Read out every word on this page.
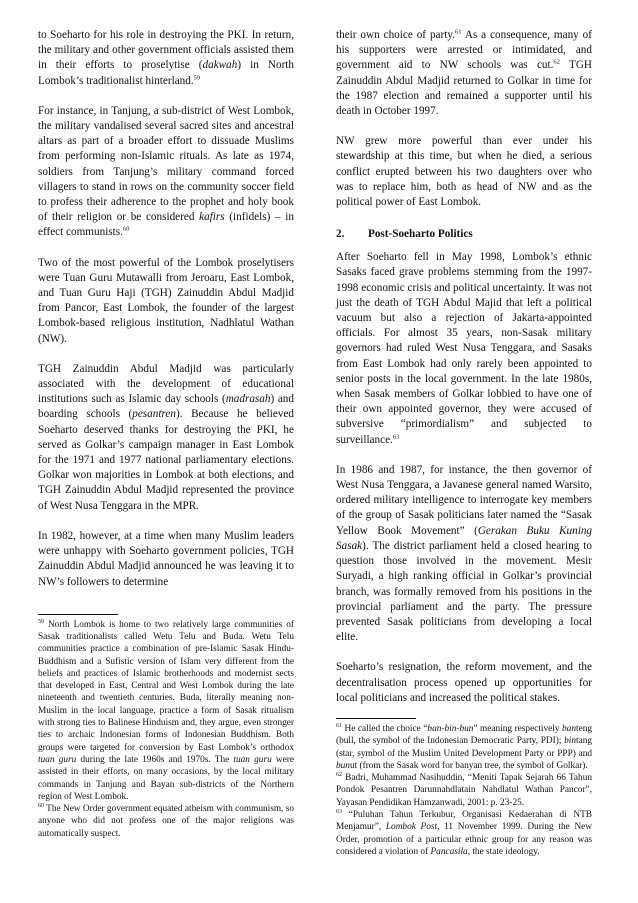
to Soeharto for his role in destroying the PKI. In return, the military and other government officials assisted them in their efforts to proselytise (dakwah) in North Lombok’s traditionalist hinterland.$^{59}$

For instance, in Tanjung, a sub-district of West Lombok, the military vandalised several sacred sites and ancestral altars as part of a broader effort to dissuade Muslims from performing non-Islamic rituals. As late as 1974, soldiers from Tanjung’s military command forced villagers to stand in rows on the community soccer field to profess their adherence to the prophet and holy book of their religion or be considered kafirs (infidels) – in effect communists.$^{60}$

Two of the most powerful of the Lombok proselytisers were Tuan Guru Mutawalli from Jeroaru, East Lombok, and Tuan Guru Haji (TGH) Zainuddin Abdul Madjid from Pancor, East Lombok, the founder of the largest Lombok-based religious institution, Nadhlatul Wathan (NW).

TGH Zainuddin Abdul Madjid was particularly associated with the development of educational institutions such as Islamic day schools (madrasah) and boarding schools (pesantren). Because he believed Soeharto deserved thanks for destroying the PKI, he served as Golkar’s campaign manager in East Lombok for the 1971 and 1977 national parliamentary elections. Golkar won majorities in Lombok at both elections, and TGH Zainuddin Abdul Madjid represented the province of West Nusa Tenggara in the MPR.

In 1982, however, at a time when many Muslim leaders were unhappy with Soeharto government policies, TGH Zainuddin Abdul Madjid announced he was leaving it to NW’s followers to determine

$^{59}$ North Lombok is home to two relatively large communities of Sasak traditionalists called Wetu Telu and Buda. Wetu Telu communities practice a combination of pre-Islamic Sasak Hindu-Buddhism and a Sufistic version of Islam very different from the beliefs and practices of Islamic brotherhoods and modernist sects that developed in East, Central and West Lombok during the late nineteenth and twentieth centuries. Buda, literally meaning non-Muslim in the local language, practice a form of Sasak ritualism with strong ties to Balinese Hinduism and, they argue, even stronger ties to archaic Indonesian forms of Indonesian Buddhism. Both groups were targeted for conversion by East Lombok’s orthodox tuan guru during the late 1960s and 1970s. The tuan guru were assisted in their efforts, on many occasions, by the local military commands in Tanjung and Bayan sub-districts of the Northern region of West Lombok.

$^{60}$ The New Order government equated atheism with communism, so anyone who did not profess one of the major religions was automatically suspect.

their own choice of party.$^{61}$ As a consequence, many of his supporters were arrested or intimidated, and government aid to NW schools was cut.$^{62}$ TGH Zainuddin Abdul Madjid returned to Golkar in time for the 1987 election and remained a supporter until his death in October 1997.

NW grew more powerful than ever under his stewardship at this time, but when he died, a serious conflict erupted between his two daughters over who was to replace him, both as head of NW and as the political power of East Lombok.

2. Post-Soeharto Politics

After Soeharto fell in May 1998, Lombok’s ethnic Sasaks faced grave problems stemming from the 1997-1998 economic crisis and political uncertainty. It was not just the death of TGH Abdul Majid that left a political vacuum but also a rejection of Jakarta-appointed officials. For almost 35 years, non-Sasak military governors had ruled West Nusa Tenggara, and Sasaks from East Lombok had only rarely been appointed to senior posts in the local government. In the late 1980s, when Sasak members of Golkar lobbied to have one of their own appointed governor, they were accused of subversive “primordialism” and subjected to surveillance.$^{63}$

In 1986 and 1987, for instance, the then governor of West Nusa Tenggara, a Javanese general named Warsito, ordered military intelligence to interrogate key members of the group of Sasak politicians later named the “Sasak Yellow Book Movement” (Gerakan Buku Kuning Sasak). The district parliament held a closed hearing to question those involved in the movement. Mesir Suryadi, a high ranking official in Golkar’s provincial branch, was formally removed from his positions in the provincial parliament and the party. The pressure prevented Sasak politicians from developing a local elite.

Soeharto’s resignation, the reform movement, and the decentralisation process opened up opportunities for local politicians and increased the political stakes.

$^{61}$ He called the choice “ban-bin-bun” meaning respectively banteng (bull, the symbol of the Indonesian Democratic Party, PDI); bintang (star, symbol of the Muslim United Development Party or PPP) and bunut (from the Sasak word for banyan tree, the symbol of Golkar).

$^{62}$ Badri, Muhammad Nasihuddin, “Meniti Tapak Sejarah 66 Tahun Pondok Pesantren Darunnahdlatain Nahdlatul Wathan Pancor”, Yayasan Pendidikan Hamzanwadi, 2001: p. 23-25.

$^{63}$ “Puluhan Tahun Terkubur, Organisasi Kedaerahan di NTB Menjamur”, Lombok Post, 11 November 1999. During the New Order, promotion of a particular ethnic group for any reason was considered a violation of Pancasila, the state ideology.
